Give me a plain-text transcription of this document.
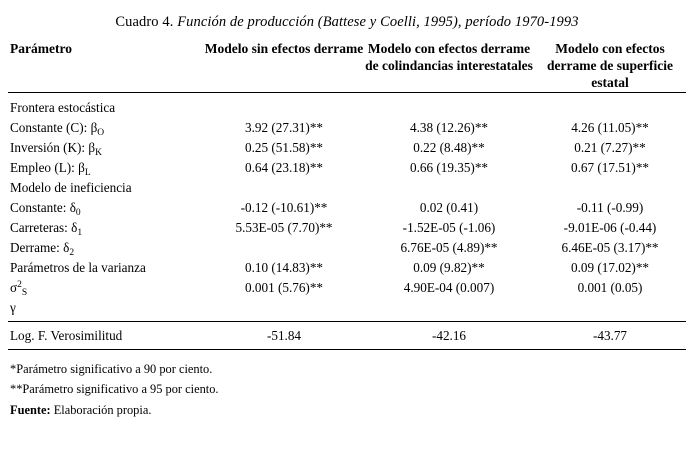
Cuadro 4. Función de producción (Battese y Coelli, 1995), período 1970-1993
Parámetro	Modelo sin efectos derrame	Modelo con efectos derrame de colindancias interestatales	Modelo con efectos derrame de superficie estatal

Frontera estocástica			
Constante (C): $\beta_O$	3.92 (27.31)**	4.38 (12.26)**	4.26 (11.05)**
Inversión (K): $\beta_K$	0.25 (51.58)**	0.22 (8.48)**	0.21 (7.27)**
Empleo (L): $\beta_L$	0.64 (23.18)**	0.66 (19.35)**	0.67 (17.51)**
Modelo de ineficiencia			
Constante: $\delta_0$	-0.12 (-10.61)**	0.02 (0.41)	-0.11 (-0.99)
Carreteras: $\delta_1$	5.53E-05 (7.70)**	-1.52E-05 (-1.06)	-9.01E-06 (-0.44)
Derrame: $\delta_2$		6.76E-05 (4.89)**	6.46E-05 (3.17)**
Parámetros de la varianza	0.10 (14.83)**	0.09 (9.82)**	0.09 (17.02)**
$\sigma^2_S$	0.001 (5.76)**	4.90E-04 (0.007)	0.001 (0.05)
γ			

Log. F. Verosimilitud	-51.84	-42.16	-43.77

*Parámetro significativo a 90 por ciento.
**Parámetro significativo a 95 por ciento.
Fuente: Elaboración propia.
